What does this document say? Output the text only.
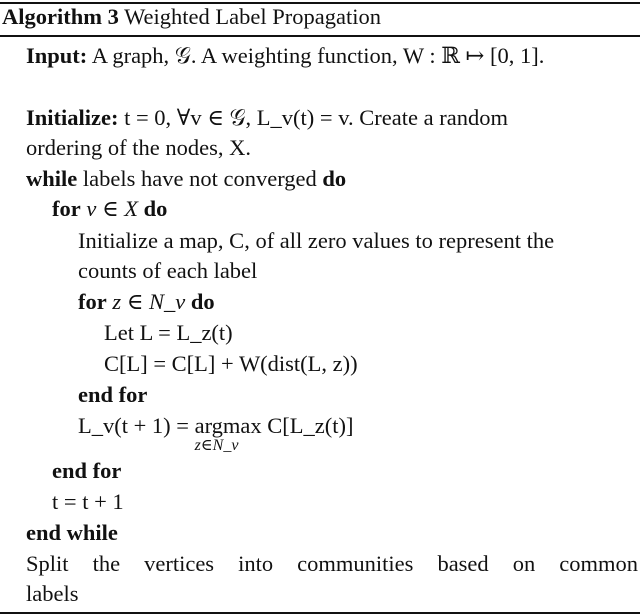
Algorithm 3 Weighted Label Propagation
Input: A graph, 𝒢. A weighting function, W : ℝ ↦ [0, 1].
Initialize: t = 0, ∀v ∈ 𝒢, L_v(t) = v. Create a random
ordering of the nodes, X.
while labels have not converged do
for v ∈ X do
Initialize a map, C, of all zero values to represent the
counts of each label
for z ∈ N_v do
Let L = L_z(t)
C[L] = C[L] + W(dist(L, z))
end for
L_v(t + 1) = argmax
z∈N_v
C[L_z(t)]
end for
t = t + 1
end while
Split the vertices into communities based on common
labels
